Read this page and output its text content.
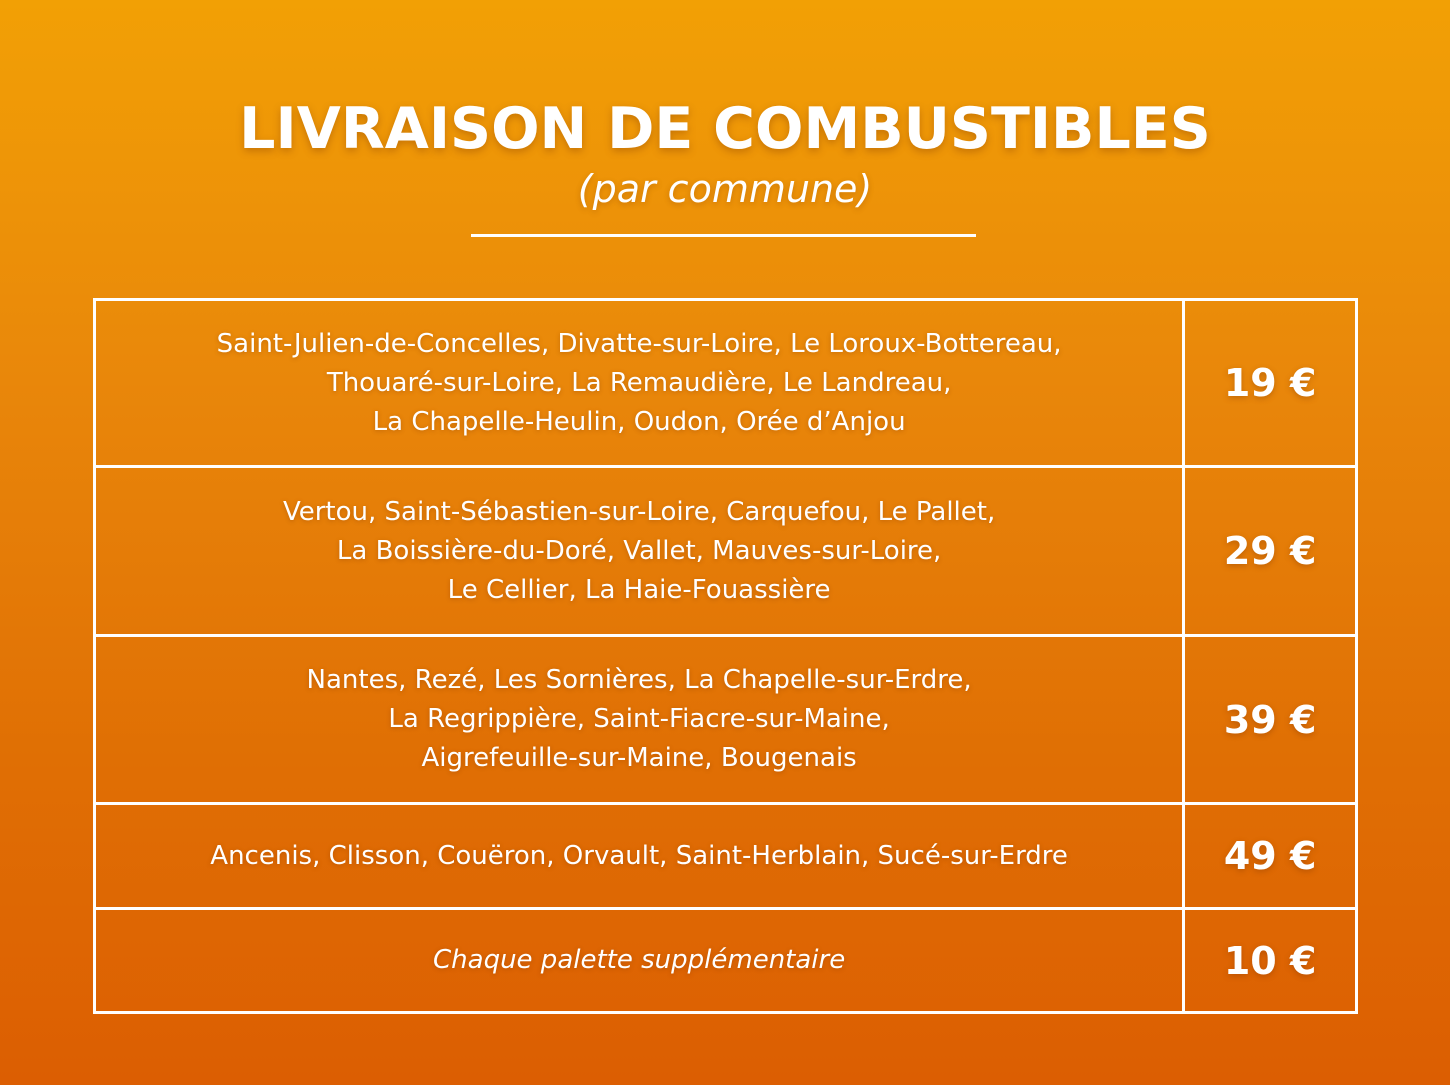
LIVRAISON DE COMBUSTIBLES
(par commune)
Saint-Julien-de-Concelles, Divatte-sur-Loire, Le Loroux-Bottereau,
Thouaré-sur-Loire, La Remaudière, Le Landreau,
La Chapelle-Heulin, Oudon, Orée d’Anjou	19 €

Vertou, Saint-Sébastien-sur-Loire, Carquefou, Le Pallet,
La Boissière-du-Doré, Vallet, Mauves-sur-Loire,
Le Cellier, La Haie-Fouassière	29 €

Nantes, Rezé, Les Sornières, La Chapelle-sur-Erdre,
La Regrippière, Saint-Fiacre-sur-Maine,
Aigrefeuille-sur-Maine, Bougenais	39 €

Ancenis, Clisson, Couëron, Orvault, Saint-Herblain, Sucé-sur-Erdre	49 €

Chaque palette supplémentaire	10 €
